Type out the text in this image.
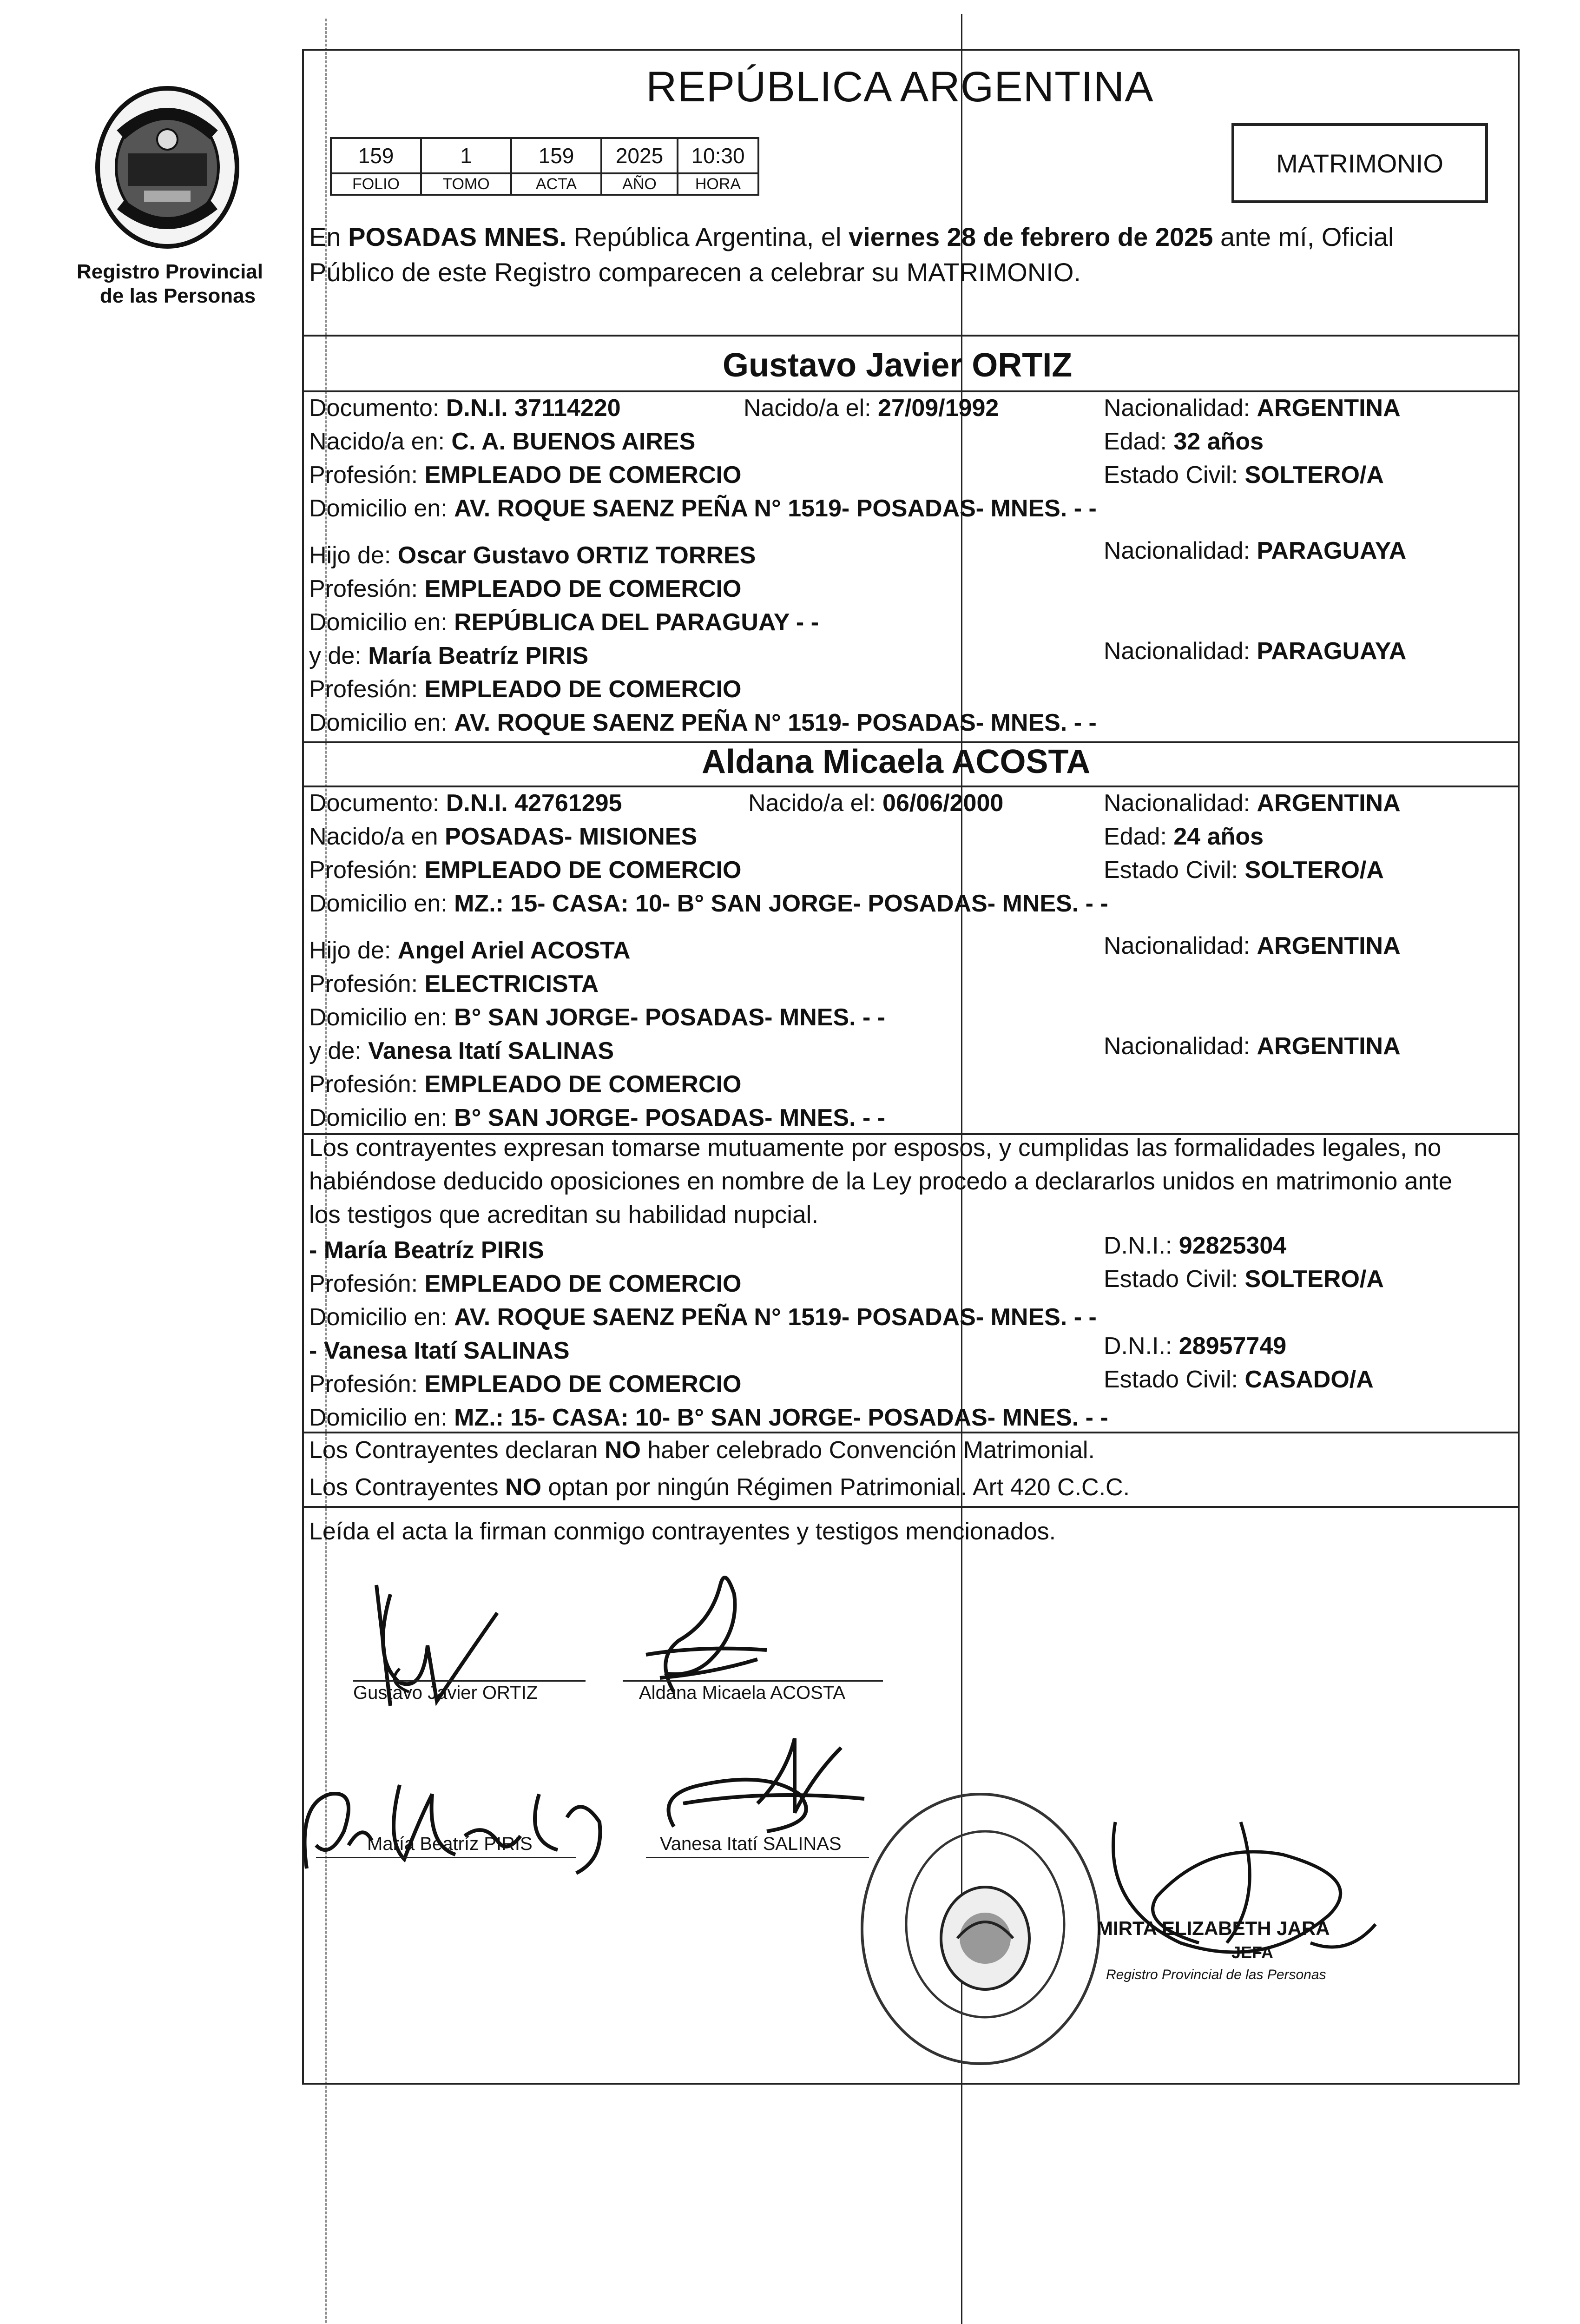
Registro Provincial
de las Personas
REPÚBLICA ARGENTINA
159	1	159	2025	10:30
FOLIO	TOMO	ACTA	AÑO	HORA
MATRIMONIO
En POSADAS MNES. República Argentina, el viernes 28 de febrero de 2025 ante mí, Oficial
Público de este Registro comparecen a celebrar su MATRIMONIO.
Gustavo Javier ORTIZ
Documento: D.N.I. 37114220	Nacido/a el: 27/09/1992	Nacionalidad: ARGENTINA
Nacido/a en: C. A. BUENOS AIRES	Edad: 32 años
Profesión: EMPLEADO DE COMERCIO	Estado Civil: SOLTERO/A
Domicilio en: AV. ROQUE SAENZ PEÑA N° 1519- POSADAS- MNES. - -
Hijo de: Oscar Gustavo ORTIZ TORRES	Nacionalidad: PARAGUAYA
Profesión: EMPLEADO DE COMERCIO
Domicilio en: REPÚBLICA DEL PARAGUAY - -
y de: María Beatríz PIRIS	Nacionalidad: PARAGUAYA
Profesión: EMPLEADO DE COMERCIO
Domicilio en: AV. ROQUE SAENZ PEÑA N° 1519- POSADAS- MNES. - -
Aldana Micaela ACOSTA
Documento: D.N.I. 42761295	Nacido/a el: 06/06/2000	Nacionalidad: ARGENTINA
Nacido/a en POSADAS- MISIONES	Edad: 24 años
Profesión: EMPLEADO DE COMERCIO	Estado Civil: SOLTERO/A
Domicilio en: MZ.: 15- CASA: 10- B° SAN JORGE- POSADAS- MNES. - -
Hijo de: Angel Ariel ACOSTA	Nacionalidad: ARGENTINA
Profesión: ELECTRICISTA
Domicilio en: B° SAN JORGE- POSADAS- MNES. - -
y de: Vanesa Itatí SALINAS	Nacionalidad: ARGENTINA
Profesión: EMPLEADO DE COMERCIO
Domicilio en: B° SAN JORGE- POSADAS- MNES. - -
Los contrayentes expresan tomarse mutuamente por esposos, y cumplidas las formalidades legales, no
habiéndose deducido oposiciones en nombre de la Ley procedo a declararlos unidos en matrimonio ante
los testigos que acreditan su habilidad nupcial.
- María Beatríz PIRIS	D.N.I.: 92825304
Profesión: EMPLEADO DE COMERCIO	Estado Civil: SOLTERO/A
Domicilio en: AV. ROQUE SAENZ PEÑA N° 1519- POSADAS- MNES. - -
- Vanesa Itatí SALINAS	D.N.I.: 28957749
Profesión: EMPLEADO DE COMERCIO	Estado Civil: CASADO/A
Domicilio en: MZ.: 15- CASA: 10- B° SAN JORGE- POSADAS- MNES. - -
Los Contrayentes declaran NO haber celebrado Convención Matrimonial.
Los Contrayentes NO optan por ningún Régimen Patrimonial. Art 420 C.C.C.
Leída el acta la firman conmigo contrayentes y testigos mencionados.
Gustavo Javier ORTIZ	Aldana Micaela ACOSTA
María Beatríz PIRIS	Vanesa Itatí SALINAS
MIRTA ELIZABETH JARA
JEFA
Registro Provincial de las Personas
